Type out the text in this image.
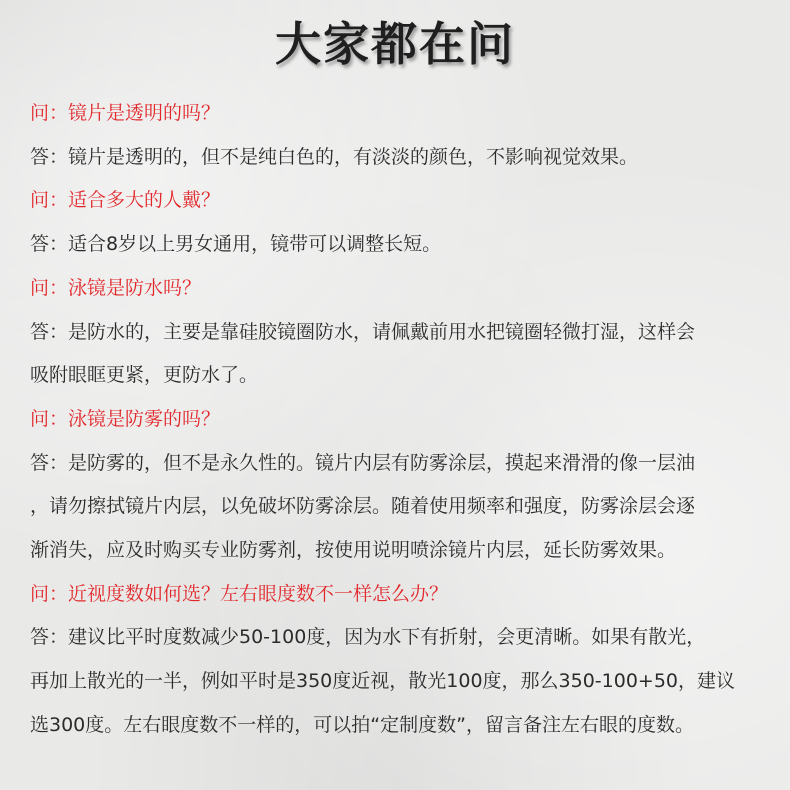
大家都在问
问：镜片是透明的吗？
答：镜片是透明的，但不是纯白色的，有淡淡的颜色，不影响视觉效果。
问：适合多大的人戴？
答：适合8岁以上男女通用，镜带可以调整长短。
问：泳镜是防水吗？
答：是防水的，主要是靠硅胶镜圈防水，请佩戴前用水把镜圈轻微打湿，这样会
吸附眼眶更紧，更防水了。
问：泳镜是防雾的吗？
答：是防雾的，但不是永久性的。镜片内层有防雾涂层，摸起来滑滑的像一层油
，请勿擦拭镜片内层，以免破坏防雾涂层。随着使用频率和强度，防雾涂层会逐
渐消失，应及时购买专业防雾剂，按使用说明喷涂镜片内层，延长防雾效果。
问：近视度数如何选？左右眼度数不一样怎么办？
答：建议比平时度数减少50-100度，因为水下有折射，会更清晰。如果有散光，
再加上散光的一半，例如平时是350度近视，散光100度，那么350-100+50，建议
选300度。左右眼度数不一样的，可以拍“定制度数”，留言备注左右眼的度数。
